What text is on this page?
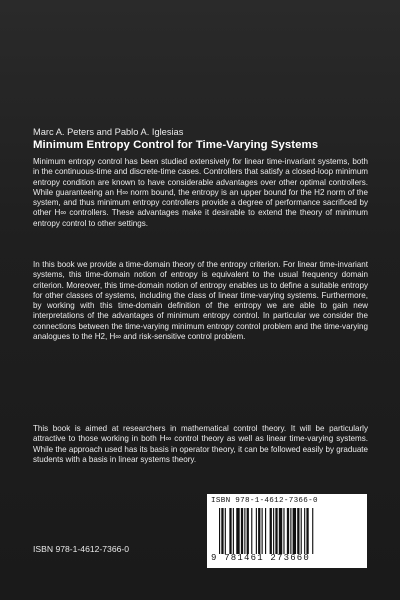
Marc A. Peters and Pablo A. Iglesias
Minimum Entropy Control for Time-Varying Systems

Minimum entropy control has been studied extensively for linear time-invariant systems, both in the continuous-time and discrete-time cases. Controllers that satisfy a closed-loop minimum entropy condition are known to have considerable advantages over other optimal controllers. While guaranteeing an H∞ norm bound, the entropy is an upper bound for the H2 norm of the system, and thus minimum entropy controllers provide a degree of performance sacrificed by other H∞ controllers. These advantages make it desirable to extend the theory of minimum entropy control to other settings.

In this book we provide a time-domain theory of the entropy criterion. For linear time-invariant systems, this time-domain notion of entropy is equivalent to the usual frequency domain criterion. Moreover, this time-domain notion of entropy enables us to define a suitable entropy for other classes of systems, including the class of linear time-varying systems. Furthermore, by working with this time-domain definition of the entropy we are able to gain new interpretations of the advantages of minimum entropy control. In particular we consider the connections between the time-varying minimum entropy control problem and the time-varying analogues to the H2, H∞ and risk-sensitive control problem.

This book is aimed at researchers in mathematical control theory. It will be particularly attractive to those working in both H∞ control theory as well as linear time-varying systems. While the approach used has its basis in operator theory, it can be followed easily by graduate students with a basis in linear systems theory.

ISBN 978-1-4612-7366-0
9 781461 273660
ISBN 978-1-4612-7366-0
